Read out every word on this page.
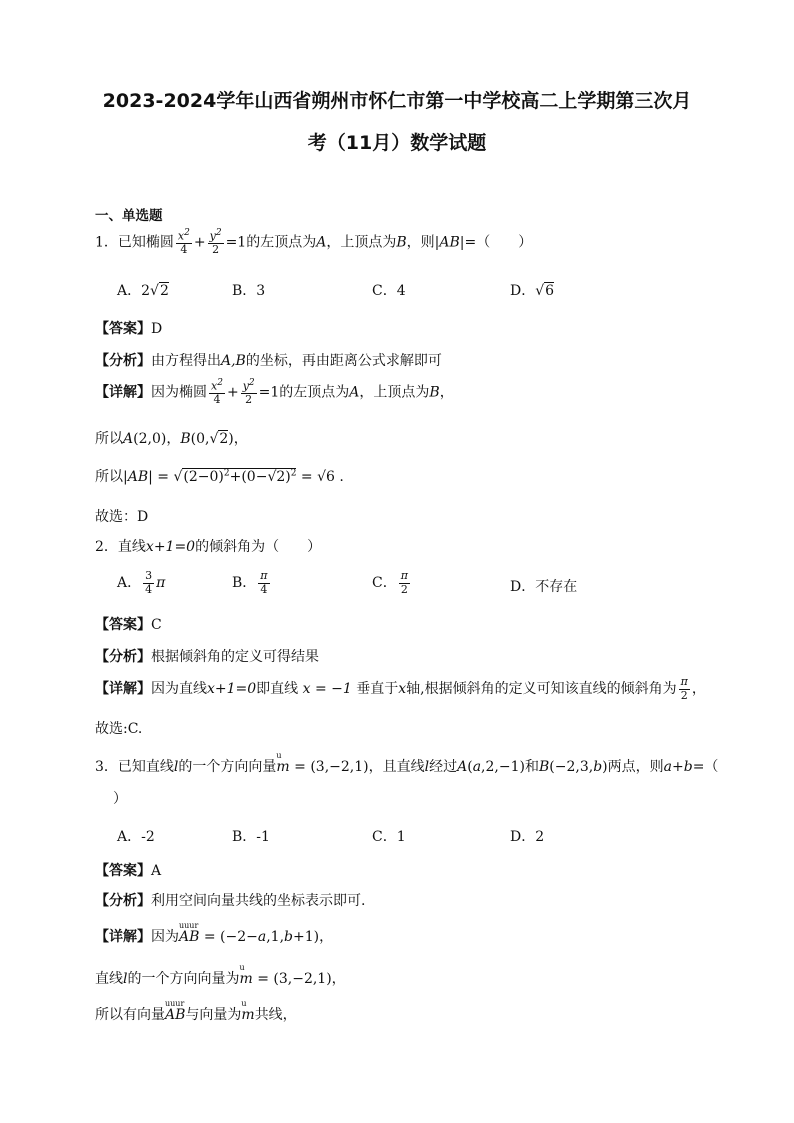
2023-2024学年山西省朔州市怀仁市第一中学校高二上学期第三次月
考（11月）数学试题
一、单选题
1．已知椭圆 $\frac{x^2}{4} + \frac{y^2}{2} =1$的左顶点为A，上顶点为B，则|AB|=（　　）
A．2√2	B．3	C．4	D．√6
【答案】D
【分析】由方程得出A,B的坐标，再由距离公式求解即可
【详解】因为椭圆 $\frac{x^2}{4} + \frac{y^2}{2} =1$的左顶点为A，上顶点为B，
所以A(2,0)，B(0,√2)，
所以$|AB| = √(2-0)^2+(0-√2)^2 = √6$ .
故选：D
2．直线x+1=0的倾斜角为（　　）
A． $\frac{3}{4}$ π	B． $\frac{\pi}{4}$	C． $\frac{\pi}{2}$	D．不存在
【答案】C
【分析】根据倾斜角的定义可得结果
【详解】因为直线x+1=0即直线 x = −1 垂直于x轴,根据倾斜角的定义可知该直线的倾斜角为 $\frac{\pi}{2}$ ，
故选:C.
3．已知直线l的一个方向向量
u
m = (3,−2,1)，且直线l经过A(a,2,−1)和B(−2,3,b)两点，则a+b=（
）
A．-2	B．-1	C．1	D．2
【答案】A
【分析】利用空间向量共线的坐标表示即可.
【详解】因为
uuur
AB = (−2−a,1,b+1)，
直线l的一个方向向量为
u
m = (3,−2,1)，
所以有向量
uuur
AB与向量为
u
m共线，
